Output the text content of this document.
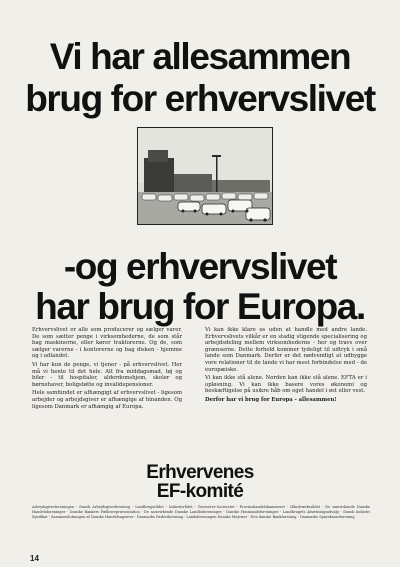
Vi har allesammen
brug for erhvervslivet
-og erhvervslivet
har brug for Europa.

Erhvervslivet er alle som producerer og sælger varer. De som sætter penge i virksomhederne, de som står bag maskinerne, eller kører traktorerne. Og de, som sælger varerne - i kontorerne og bag disken - hjemme og i udlandet.

Vi har kun de penge, vi tjener - på erhvervslivet. Her må vi hente til det hele. Alt fra middagsmad, tøj og biler - til hospitaler, alderdomshjem, skoler og børnehaver, boligstøtte og invalidepensioner.

Hele samfundet er afhængigt af erhvervslivet - ligesom arbejder og arbejdsgiver er afhængige af hinanden. Og ligesom Danmark er afhængig af Europa.

Vi kan ikke klare os uden at handle med andre lande. Erhvervslivets vilkår er en stadig stigende specialisering og arbejdsdeling mellem virksomhederne - her og travs over grænserne. Dette forhold kommer tydeligt til udtryk i små lande som Danmark. Derfor er det nødvendigt at udbygge vore relationer til de lande vi har mest forbindelse med - de europæiske.

Vi kan ikke stå alene. Norden kan ikke stå alene. EFTA er i opløsning. Vi kan ikke basere vores økonomi og beskæftigelse på usikre håb om eget handel i øst eller vest.

Derfor har vi brug for Europa - allesammen!

Erhvervenes
EF-komité
Arbejdsgiverforeningen - Dansk Arbejdsgiverforening - Landbrugsrådet - Industrirådet - Grosserer-Societetet - Provinshandelskammeret - Håndværksrådet - De samvirkende Danske Handelsforeninger - Danske Bankers Fællesrepræsentation - De samvirkende Danske Landboforeninger - Danske Husmandsforeninger - Landbrugets Afsætningsudvalg - Dansk Industri Syndikat - Sammenslutningen af Danske Handelsagenter - Danmarks Rederiforening - Landsforeningen Danske Mejerier - Den danske Bankforening - Danmarks Sparekasseforening
14
